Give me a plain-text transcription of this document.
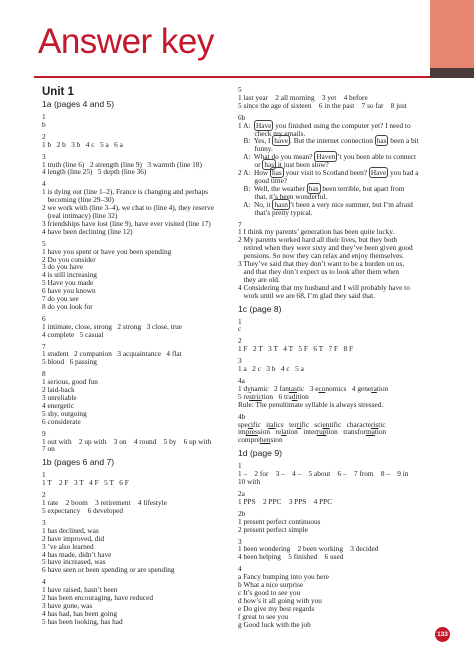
Answer key
Unit 1
1a (pages 4 and 5)
1
b
2
1 b   2 b   3 b   4 c   5 a   6 a
3
1 truth (line 6)   2 strength (line 9)   3 warmth (line 18)
4 length (line 25)   5 depth (line 36)
4
1 is dying out (line 1–2), France is changing and perhaps
becoming (line 29–30)
2 we work with (line 3–4), we chat to (line 4), they reserve
(real intimacy) (line 32)
3 friendships have lost (line 9), have ever visited (line 17)
4 have been declining (line 12)
5
1 have you spent or have you been spending
2 Do you consider
3 do you have
4 is still increasing
5 Have you made
6 have you known
7 do you see
8 do you look for
6
1 intimate, close, strong   2 strong   3 close, true
4 complete   5 casual
7
1 student   2 companion   3 acquaintance   4 flat
5 blood   6 passing
8
1 serious, good fun
2 laid-back
3 unreliable
4 energetic
5 shy, outgoing
6 considerate
9
1 out with    2 up with    3 on    4 round    5 by    6 up with
7 on
1b (pages 6 and 7)
1
1 T    2 F   3 T   4 F   5 T   6 F
2
1 rate    2 boom    3 retirement    4 lifestyle
5 expectancy    6 developed
3
1 has declined, was
2 have improved, did
3 ’ve also learned
4 has made, didn’t have
5 have increased, was
6 have seen or been spending or are spending
4
1 have raised, hasn’t been
2 has been encouraging, have reduced
3 have gone, was
4 has had, has been going
5 has been looking, has had
5
1 last year    2 all morning    3 yet    4 before
5 since the age of sixteen    6 in the past    7 so far    8 just
6b
1 A:  Have you finished using the computer yet? I need to
check my emails.
B:  Yes, I have . But the internet connection has been a bit
funny.
A:  What do you mean? Haven ’t you been able to connect
or has it just been slow?
2 A:  How has your visit to Scotland been? Have you had a
good time?
B:  Well, the weather has been terrible, but apart from
that, it’s been wonderful.
A:  No, it hasn ’t been a very nice summer, but I’m afraid
that’s pretty typical.
7
1 I think my parents’ generation has been quite lucky.
2 My parents worked hard all their lives, but they both
retired when they were sixty and they’ve been given good
pensions. So now they can relax and enjoy themselves.
3 They’ve said that they don’t want to be a burden on us,
and that they don’t expect us to look after them when
they are old.
4 Considering that my husband and I will probably have to
work until we are 68, I’m glad they said that.
1c (page 8)
1
c
2
1 F   2 T   3 T   4 T   5 F   6 T   7 F   8 F
3
1 a   2 c   3 b   4 c   5 a
4a
1 dynamic   2 fantastic   3 economics   4 generation
5 restriction   6 tradition
Rule: The penultimate syllable is always stressed.
4b
specific   italics   terrific   scientific   characteristic
impression   relation   interruption   transformation
comprehension
1d (page 9)
1
1 –    2 for    3 –    4 –    5 about    6 –    7 from    8 –    9 in
10 with
2a
1 PPS    2 PPC    3 PPS    4 PPC
2b
1 present perfect continuous
2 present perfect simple
3
1 been wondering    2 been working    3 decided
4 been helping    5 finished    6 used
4
a Fancy bumping into you here
b What a nice surprise
c It’s good to see you
d how’s it all going with you
e Do give my best regards
f great to see you
g Good luck with the job
133
